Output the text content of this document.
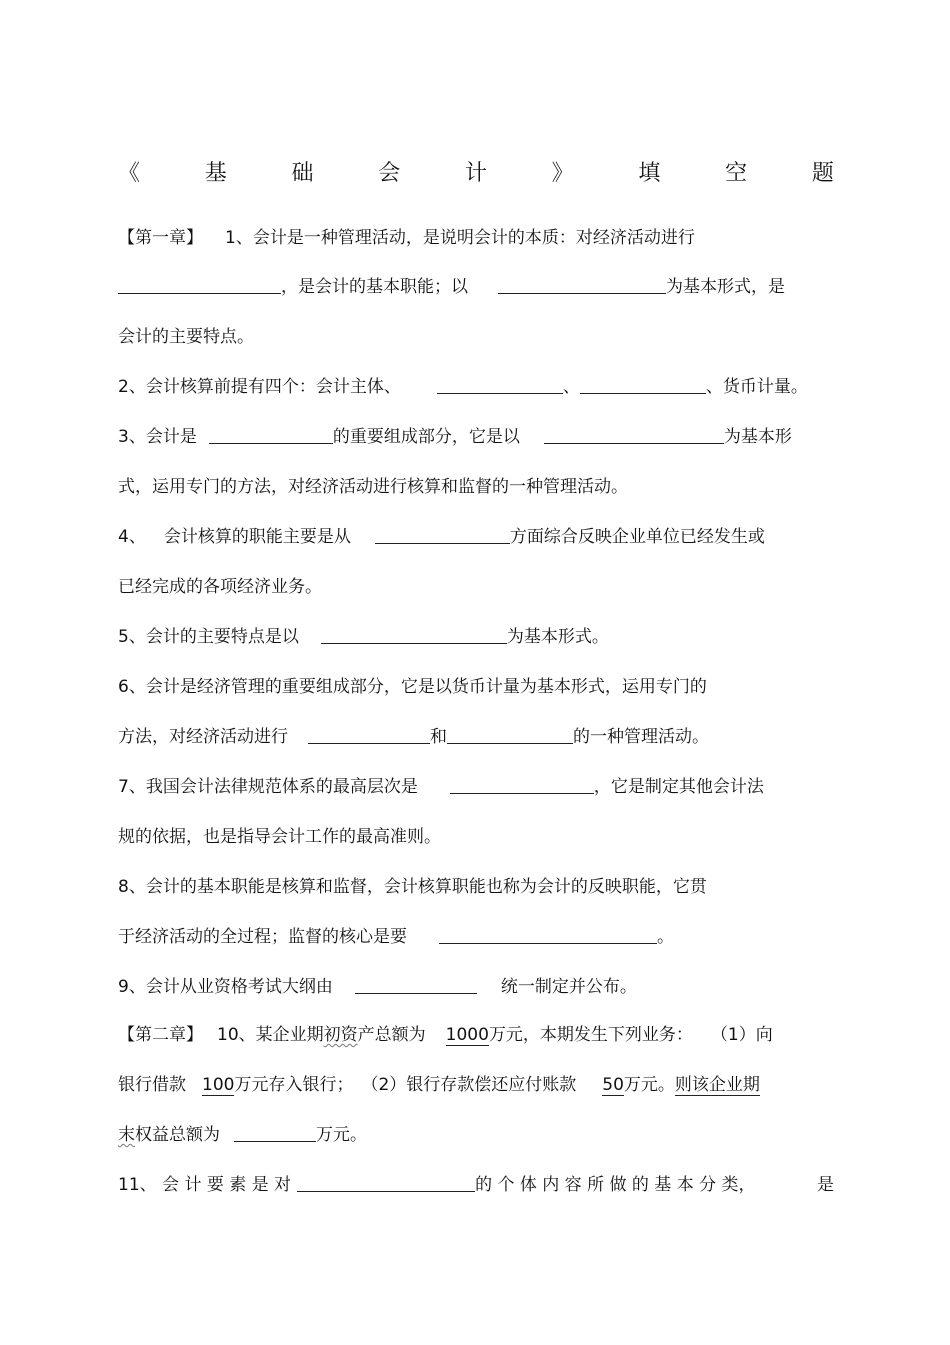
《	基	础	会	计	》	填	空	题
【第一章】 1、会计是一种管理活动，是说明会计的本质：对经济活动进行
，是会计的基本职能；以	为基本形式，是
会计的主要特点。
2、会计核算前提有四个：会计主体、	、	、货币计量。
3、会计是	的重要组成部分，它是以	为基本形
式，运用专门的方法，对经济活动进行核算和监督的一种管理活动。
4、 会计核算的职能主要是从	方面综合反映企业单位已经发生或
已经完成的各项经济业务。
5、会计的主要特点是以	为基本形式。
6、会计是经济管理的重要组成部分，它是以货币计量为基本形式，运用专门的
方法，对经济活动进行	和	的一种管理活动。
7、我国会计法律规范体系的最高层次是	，它是制定其他会计法
规的依据，也是指导会计工作的最高准则。
8、会计的基本职能是核算和监督，会计核算职能也称为会计的反映职能，它贯
于经济活动的全过程；监督的核心是要	。
9、会计从业资格考试大纲由	统一制定并公布。
【第二章】 10、某企业期初资产总额为 1000万元，本期发生下列业务： （1）向
银行借款 100万元存入银行； （2）银行存款偿还应付账款 50万元。则该企业期
末权益总额为	万元。
11、 会 计 要 素 是 对	的 个 体 内 容 所 做 的 基 本 分 类，	是
